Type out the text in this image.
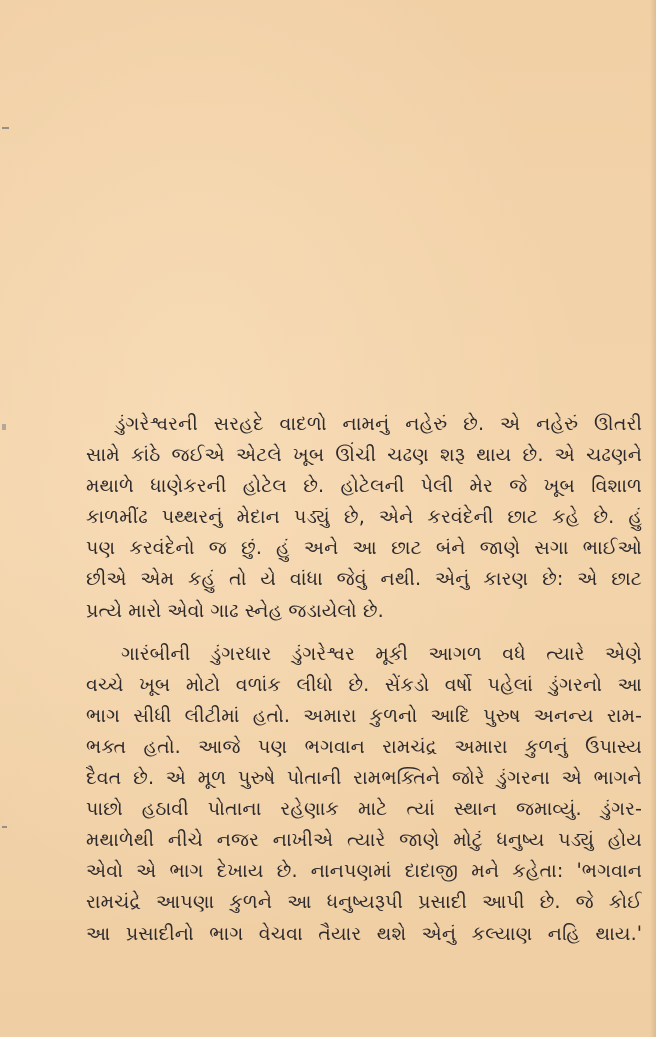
ડુંગરેશ્વરની સરહદે વાદળો નામનું નહેરું છે. એ નહેરું ઊતરી
સામે કાંઠે જઈએ એટલે ખૂબ ઊંચી ચઢણ શરૂ થાય છે. એ ચઢણને
મથાળે ધાણેકરની હોટેલ છે. હોટેલની પેલી મેર જે ખૂબ વિશાળ
કાળમીંઢ પથ્થરનું મેદાન પડ્યું છે, એને કરવંદેની છાટ કહે છે. હું
પણ કરવંદેનો જ છું. હું અને આ છાટ બંને જાણે સગા ભાઈઓ
છીએ એમ કહું તો યે વાંધા જેવું નથી. એનું કારણ છે: એ છાટ
પ્રત્યે મારો એવો ગાઢ સ્નેહ જડાયેલો છે.
ગારંબીની ડુંગરધાર ડુંગરેશ્વર મૂકી આગળ વધે ત્યારે એણે
વચ્ચે ખૂબ મોટો વળાંક લીધો છે. સેંકડો વર્ષો પહેલાં ડુંગરનો આ
ભાગ સીધી લીટીમાં હતો. અમારા કુળનો આદિ પુરુષ અનન્ય રામ-
ભક્ત હતો. આજે પણ ભગવાન રામચંદ્ર અમારા કુળનું ઉપાસ્ય
દૈવત છે. એ મૂળ પુરુષે પોતાની રામભક્તિને જોરે ડુંગરના એ ભાગને
પાછો હઠાવી પોતાના રહેણાક માટે ત્યાં સ્થાન જમાવ્યું. ડુંગર-
મથાળેથી નીચે નજર નાખીએ ત્યારે જાણે મોટું ધનુષ્ય પડ્યું હોય
એવો એ ભાગ દેખાય છે. નાનપણમાં દાદાજી મને કહેતા: 'ભગવાન
રામચંદ્રે આપણા કુળને આ ધનુષ્યરૂપી પ્રસાદી આપી છે. જે કોઈ
આ પ્રસાદીનો ભાગ વેચવા તૈયાર થશે એનું કલ્યાણ નહિ થાય.'
